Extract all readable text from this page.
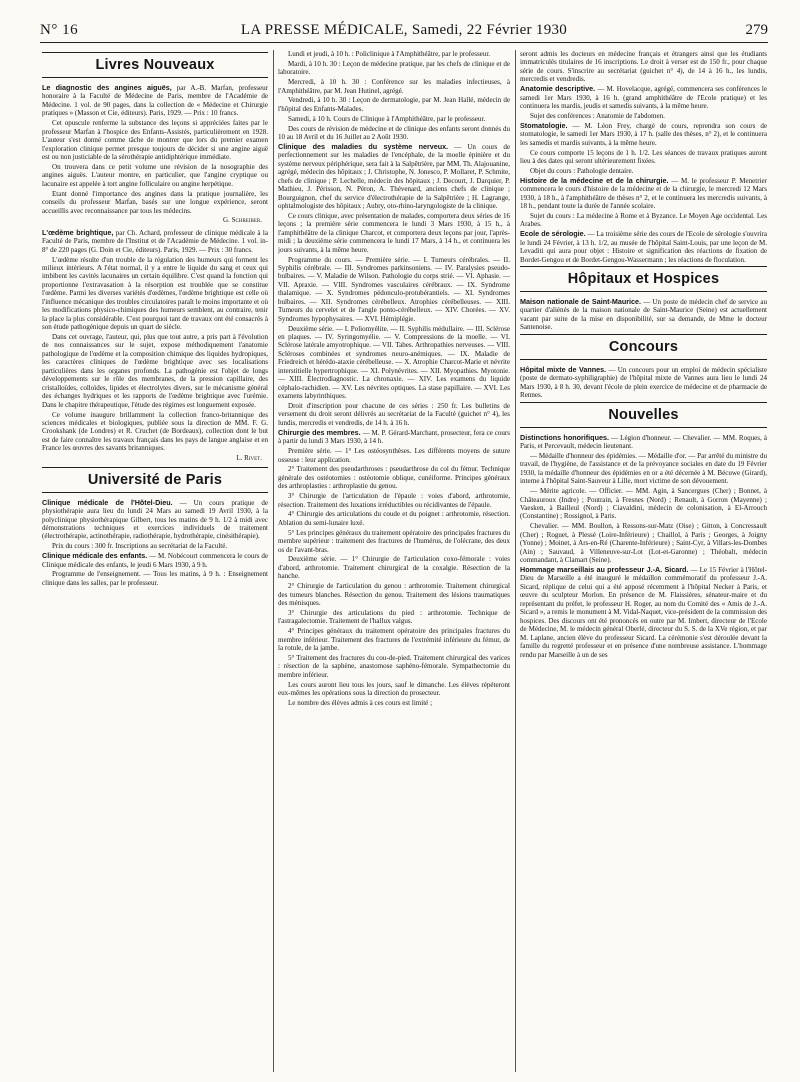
N° 16	LA PRESSE MÉDICALE, Samedi, 22 Février 1930	279
Livres Nouveaux

Le diagnostic des angines aiguës, par A.-B. Marfan, professeur honoraire à la Faculté de Médecine de Paris, membre de l'Académie de Médecine. 1 vol. de 90 pages, dans la collection de « Médecine et Chirurgie pratiques » (Masson et Cie, éditeurs). Paris, 1929. — Prix : 10 francs.

Cet opuscule renferme la substance des leçons si appréciées faites par le professeur Marfan à l'hospice des Enfants-Assistés, particulièrement en 1928. L'auteur s'est donné comme tâche de montrer que lors du premier examen l'exploration clinique permet presque toujours de décider si une angine aiguë est ou non justiciable de la sérothérapie antidiphtérique immédiate.

On trouvera dans ce petit volume une révision de la nosographie des angines aiguës. L'auteur montre, en particulier, que l'angine cryptique ou lacunaire est appelée à tort angine folliculaire ou angine herpétique.

Etant donné l'importance des angines dans la pratique journalière, les conseils du professeur Marfan, basés sur une longue expérience, seront accueillis avec reconnaissance par tous les médecins.

G. Schreiber.

L'œdème brightique, par Ch. Achard, professeur de clinique médicale à la Faculté de Paris, membre de l'Institut et de l'Académie de Médecine. 1 vol. in-8° de 220 pages (G. Doin et Cie, éditeurs). Paris, 1929. — Prix : 30 francs.

L'œdème résulte d'un trouble de la régulation des humeurs qui forment les milieux intérieurs. A l'état normal, il y a entre le liquide du sang et ceux qui imbibent les cavités lacunaires un certain équilibre. C'est quand la fonction qui proportionne l'extravasation à la résorption est troublée que se constitue l'œdème. Parmi les diverses variétés d'œdèmes, l'œdème brightique est celle où l'influence mécanique des troubles circulatoires paraît le moins importante et où les modifications physico-chimiques des humeurs semblent, au contraire, tenir la place la plus considérable. C'est pourquoi tant de travaux ont été consacrés à son étude pathogénique depuis un quart de siècle.

Dans cet ouvrage, l'auteur, qui, plus que tout autre, a pris part à l'évolution de nos connaissances sur le sujet, expose méthodiquement l'anatomie pathologique de l'œdème et la composition chimique des liquides hydropiques, les caractères cliniques de l'œdème brightique avec ses localisations particulières dans les organes profonds. La pathogénie est l'objet de longs développements sur le rôle des membranes, de la pression capillaire, des cristalloïdes, colloïdes, lipides et électrolytes divers, sur le mécanisme général des échanges hydriques et les rapports de l'œdème brightique avec l'urémie. Dans le chapitre thérapeutique, l'étude des régimes est longuement exposée.

Ce volume inaugure brillamment la collection franco-britannique des sciences médicales et biologiques, publiée sous la direction de MM. F. G. Crookshank (de Londres) et R. Cruchet (de Bordeaux), collection dont le but est de faire connaître les travaux français dans les pays de langue anglaise et en France les œuvres des savants britanniques.

L. Rivet.
Université de Paris

Clinique médicale de l'Hôtel-Dieu. — Un cours pratique de physiothérapie aura lieu du lundi 24 Mars au samedi 19 Avril 1930, à la polyclinique physiothérapique Gilbert, tous les matins de 9 h. 1/2 à midi avec démonstrations techniques et exercices individuels de traitement (électrothérapie, actinothérapie, radiothérapie, hydrothérapie, cinésithérapie).

Prix du cours : 300 fr. Inscriptions au secrétariat de la Faculté.

Clinique médicale des enfants. — M. Nobécourt commencera le cours de Clinique médicale des enfants, le jeudi 6 Mars 1930, à 9 h.

Programme de l'enseignement. — Tous les matins, à 9 h. : Enseignement clinique dans les salles, par le professeur.

Lundi et jeudi, à 10 h. : Policlinique à l'Amphithéâtre, par le professeur.

Mardi, à 10 h. 30 : Leçon de médecine pratique, par les chefs de clinique et de laboratoire.

Mercredi, à 10 h. 30 : Conférence sur les maladies infectieuses, à l'Amphithéâtre, par M. Jean Hutinel, agrégé.

Vendredi, à 10 h. 30 : Leçon de dermatologie, par M. Jean Hallé, médecin de l'hôpital des Enfants-Malades.

Samedi, à 10 h. Cours de Clinique à l'Amphithéâtre, par le professeur.

Des cours de révision de médecine et de clinique des enfants seront donnés du 10 au 18 Avril et du 16 Juillet au 2 Août 1930.

Clinique des maladies du système nerveux. — Un cours de perfectionnement sur les maladies de l'encéphale, de la moelle épinière et du système nerveux périphérique, sera fait à la Salpêtrière, par MM. Th. Alajouanine, agrégé, médecin des hôpitaux ; J. Christophe, N. Jonesco, P. Mollaret, P. Schmite, chefs de clinique ; P. Lechelle, médecin des hôpitaux ; J. Decourt, J. Darquier, P. Mathieu, J. Périsson, N. Péron, A. Thévenard, anciens chefs de clinique ; Bourguignon, chef du service d'électrothérapie de la Salpêtrière ; H. Lagrange, ophtalmologiste des hôpitaux ; Aubry, oto-rhino-laryngologiste de la clinique.

Ce cours clinique, avec présentation de malades, comportera deux séries de 16 leçons ; la première série commencera le lundi 3 Mars 1930, à 15 h., à l'amphithéâtre de la clinique Charcot, et comportera deux leçons par jour, l'après-midi ; la deuxième série commencera le lundi 17 Mars, à 14 h., et continuera les jours suivants, à la même heure.

Programme du cours. — Première série. — I. Tumeurs cérébrales. — II. Syphilis cérébrale. — III. Syndromes parkinsoniens. — IV. Paralysies pseudo-bulbaires. — V. Maladie de Wilson. Pathologie du corps strié. — VI. Aphasie. — VII. Apraxie. — VIII. Syndromes vasculaires cérébraux. — IX. Syndrome thalamique. — X. Syndromes pédonculo-protubérantiels. — XI. Syndromes bulbaires. — XII. Syndromes cérébelleux. Atrophies cérébelleuses. — XIII. Tumeurs du cervelet et de l'angle ponto-cérébelleux. — XIV. Chorées. — XV. Syndromes hypophysaires. — XVI. Hémiplégie.

Deuxième série. — I. Poliomyélite. — II. Syphilis médullaire. — III. Sclérose en plaques. — IV. Syringomyélie. — V. Compressions de la moelle. — VI. Sclérose latérale amyotrophique. — VII. Tabes. Arthropathies nerveuses. — VIII. Scléroses combinées et syndromes neuro-anémiques. — IX. Maladie de Friedreich et hérédo-ataxie cérébelleuse. — X. Atrophie Charcot-Marie et névrite interstitielle hypertrophique. — XI. Polynévrites. — XII. Myopathies. Myotonie. — XIII. Électrodiagnostic. La chronaxie. — XIV. Les examens du liquide céphalo-rachidien. — XV. Les névrites optiques. La stase papillaire. — XVI. Les examens labyrinthiques.

Droit d'inscription pour chacune de ces séries : 250 fr. Les bulletins de versement du droit seront délivrés au secrétariat de la Faculté (guichet n° 4), les lundis, mercredis et vendredis, de 14 h. à 16 h.

Chirurgie des membres. — M. P. Gérard-Marchant, prosecteur, fera ce cours à partir du lundi 3 Mars 1930, à 14 h.

Première série. — 1° Les ostéosynthèses. Les différents moyens de suture osseuse : leur application.

2° Traitement des pseudarthroses : pseudarthrose du col du fémur. Technique générale des ostéotomies : ostéotomie oblique, cunéiforme. Principes généraux des arthroplasties : arthroplastie du genou.

3° Chirurgie de l'articulation de l'épaule : voies d'abord, arthrotomie, résection. Traitement des luxations irréductibles ou récidivantes de l'épaule.

4° Chirurgie des articulations du coude et du poignet : arthrotomie, résection. Ablation du semi-lunaire luxé.

5° Les principes généraux du traitement opératoire des principales fractures du membre supérieur : traitement des fractures de l'humérus, de l'olécrane, des deux os de l'avant-bras.

Deuxième série. — 1° Chirurgie de l'articulation coxo-fémorale : voies d'abord, arthrotomie. Traitement chirurgical de la coxalgie. Résection de la hanche.

2° Chirurgie de l'articulation du genou : arthrotomie. Traitement chirurgical des tumeurs blanches. Résection du genou. Traitement des lésions traumatiques des ménisques.

3° Chirurgie des articulations du pied : arthrotomie. Technique de l'astragalectomie. Traitement de l'hallux valgus.

4° Principes généraux du traitement opératoire des principales fractures du membre inférieur. Traitement des fractures de l'extrémité inférieure du fémur, de la rotule, de la jambe.

5° Traitement des fractures du cou-de-pied. Traitement chirurgical des varices : résection de la saphène, anastomose saphéno-fémorale. Sympathectomie du membre inférieur.

Les cours auront lieu tous les jours, sauf le dimanche. Les élèves répéteront eux-mêmes les opérations sous la direction du prosecteur.

Le nombre des élèves admis à ces cours est limité ;

seront admis les docteurs en médecine français et étrangers ainsi que les étudiants immatriculés titulaires de 16 inscriptions. Le droit à verser est de 150 fr., pour chaque série de cours. S'inscrire au secrétariat (guichet n° 4), de 14 à 16 h., les lundis, mercredis et vendredis.

Anatomie descriptive. — M. Hovelacque, agrégé, commencera ses conférences le samedi 1er Mars 1930, à 16 h. (grand amphithéâtre de l'Ecole pratique) et les continuera les mardis, jeudis et samedis suivants, à la même heure.

Sujet des conférences : Anatomie de l'abdomen.

Stomatologie. — M. Léon Frey, chargé de cours, reprendra son cours de stomatologie, le samedi 1er Mars 1930, à 17 h. (salle des thèses, n° 2), et le continuera les samedis et mardis suivants, à la même heure.

Ce cours comporte 15 leçons de 1 h. 1/2. Les séances de travaux pratiques auront lieu à des dates qui seront ultérieurement fixées.

Objet du cours : Pathologie dentaire.

Histoire de la médecine et de la chirurgie. — M. le professeur P. Menetrier commencera le cours d'histoire de la médecine et de la chirurgie, le mercredi 12 Mars 1930, à 18 h., à l'amphithéâtre de thèses n° 2, et le continuera les mercredis suivants, à 18 h., pendant toute la durée de l'année scolaire.

Sujet du cours : La médecine à Rome et à Byzance. Le Moyen Age occidental. Les Arabes.

Ecole de sérologie. — La troisième série des cours de l'Ecole de sérologie s'ouvrira le lundi 24 Février, à 13 h. 1/2, au musée de l'hôpital Saint-Louis, par une leçon de M. Levaditi qui aura pour objet : Histoire et signification des réactions de fixation de Bordet-Gengou et de Bordet-Gengou-Wassermann ; les réactions de floculation.

Hôpitaux et Hospices

Maison nationale de Saint-Maurice. — Un poste de médecin chef de service au quartier d'aliénés de la maison nationale de Saint-Maurice (Seine) est actuellement vacant par suite de la mise en disponibilité, sur sa demande, de Mme le docteur Santenoise.

Concours

Hôpital mixte de Vannes. — Un concours pour un emploi de médecin spécialiste (poste de dermato-syphiligraphie) de l'hôpital mixte de Vannes aura lieu le lundi 24 Mars 1930, à 8 h. 30, devant l'école de plein exercice de médecine et de pharmacie de Rennes.

Nouvelles

Distinctions honorifiques. — Légion d'honneur. — Chevalier. — MM. Roques, à Paris, et Percevault, médecin lieutenant.

— Médaille d'honneur des épidémies. — Médaille d'or. — Par arrêté du ministre du travail, de l'hygiène, de l'assistance et de la prévoyance sociales en date du 19 Février 1930, la médaille d'honneur des épidémies en or a été décernée à M. Bécuwe (Girard), interne à l'hôpital Saint-Sauveur à Lille, mort victime de son dévouement.

— Mérite agricole. — Officier. — MM. Agin, à Sancergues (Cher) ; Bonnet, à Châteauroux (Indre) ; Poutrain, à Fresnes (Nord) ; Renault, à Gorron (Mayenne) ; Vaesken, à Bailleul (Nord) ; Ciavaldini, médecin de colonisation, à El-Arrouch (Constantine) ; Rossignol, à Paris.

Chevalier. — MM. Boullon, à Ressons-sur-Matz (Oise) ; Gitton, à Concressault (Cher) ; Roguet, à Plessé (Loire-Inférieure) ; Chaillol, à Paris ; Georges, à Joigny (Yonne) ; Moinet, à Ars-en-Ré (Charente-Inférieure) ; Saint-Cyr, à Villars-les-Dombes (Ain) ; Sauvaud, à Villeneuve-sur-Lot (Lot-et-Garonne) ; Théobalt, médecin commandant, à Clamart (Seine).

Hommage marseillais au professeur J.-A. Sicard. — Le 15 Février à l'Hôtel-Dieu de Marseille a été inauguré le médaillon commémoratif du professeur J.-A. Sicard, réplique de celui qui a été apposé récemment à l'hôpital Necker à Paris, et œuvre du sculpteur Morlon. En présence de M. Flaissières, sénateur-maire et du représentant du préfet, le professeur H. Roger, au nom du Comité des « Amis de J.-A. Sicard », a remis le monument à M. Vidal-Naquet, vice-président de la commission des hospices. Des discours ont été prononcés en outre par M. Imbert, directeur de l'Ecole de Médecine, M. le médecin général Oberlé, directeur du S. S. de la XVe région, et par M. Laplane, ancien élève du professeur Sicard. La cérémonie s'est déroulée devant la famille du regretté professeur et en présence d'une nombreuse assistance. L'hommage rendu par Marseille à un de ses
